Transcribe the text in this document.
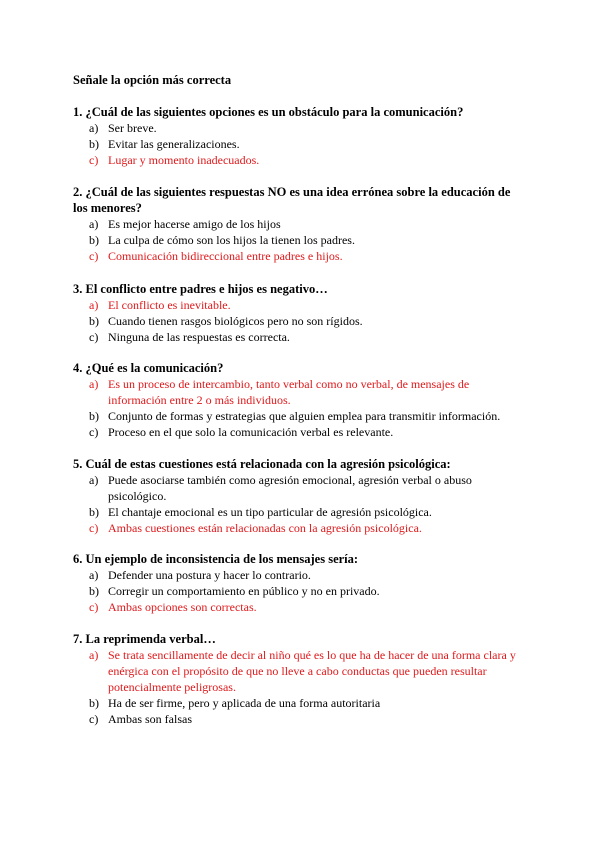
Señale la opción más correcta

1. ¿Cuál de las siguientes opciones es un obstáculo para la comunicación?

a) Ser breve.
b) Evitar las generalizaciones.
c) Lugar y momento inadecuados.

2. ¿Cuál de las siguientes respuestas NO es una idea errónea sobre la educación de los menores?

a) Es mejor hacerse amigo de los hijos
b) La culpa de cómo son los hijos la tienen los padres.
c) Comunicación bidireccional entre padres e hijos.

3. El conflicto entre padres e hijos es negativo…

a) El conflicto es inevitable.
b) Cuando tienen rasgos biológicos pero no son rígidos.
c) Ninguna de las respuestas es correcta.

4. ¿Qué es la comunicación?

a) Es un proceso de intercambio, tanto verbal como no verbal, de mensajes de información entre 2 o más individuos.
b) Conjunto de formas y estrategias que alguien emplea para transmitir información.
c) Proceso en el que solo la comunicación verbal es relevante.

5. Cuál de estas cuestiones está relacionada con la agresión psicológica:

a) Puede asociarse también como agresión emocional, agresión verbal o abuso psicológico.
b) El chantaje emocional es un tipo particular de agresión psicológica.
c) Ambas cuestiones están relacionadas con la agresión psicológica.

6. Un ejemplo de inconsistencia de los mensajes sería:

a) Defender una postura y hacer lo contrario.
b) Corregir un comportamiento en público y no en privado.
c) Ambas opciones son correctas.

7. La reprimenda verbal…

a) Se trata sencillamente de decir al niño qué es lo que ha de hacer de una forma clara y enérgica con el propósito de que no lleve a cabo conductas que pueden resultar potencialmente peligrosas.
b) Ha de ser firme, pero y aplicada de una forma autoritaria
c) Ambas son falsas
